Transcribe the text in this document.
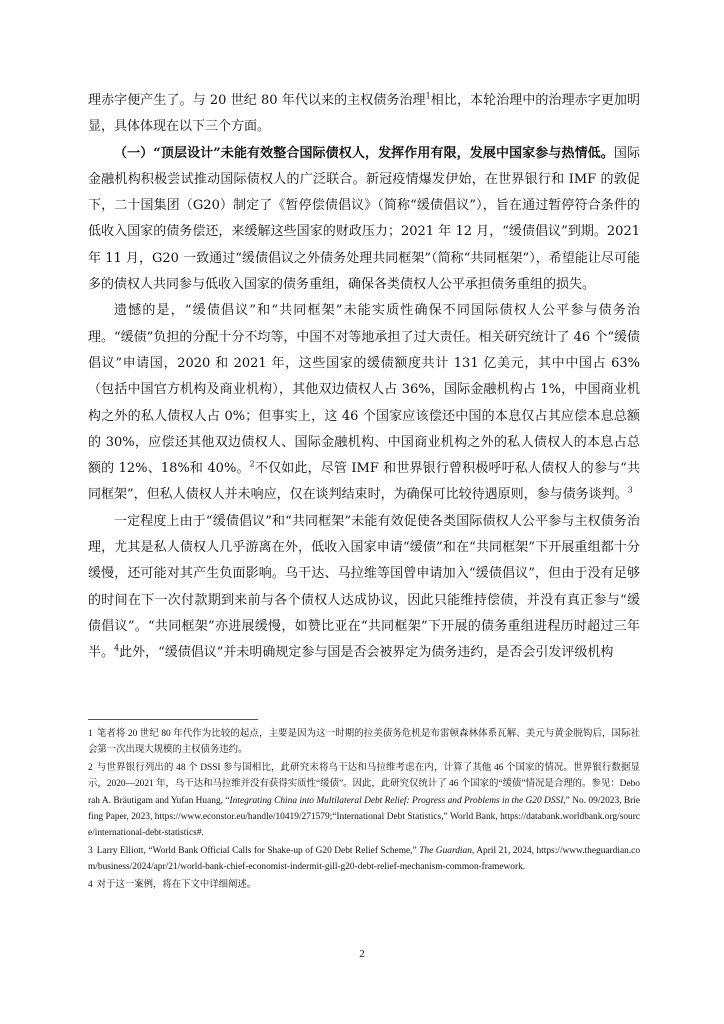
理赤字便产生了。与 20 世纪 80 年代以来的主权债务治理$^1$相比，本轮治理中的治理赤字更加明显，具体体现在以下三个方面。

（一）“顶层设计”未能有效整合国际债权人，发挥作用有限，发展中国家参与热情低。国际金融机构积极尝试推动国际债权人的广泛联合。新冠疫情爆发伊始，在世界银行和 IMF 的敦促下，二十国集团（G20）制定了《暂停偿债倡议》（简称“缓债倡议”），旨在通过暂停符合条件的低收入国家的债务偿还，来缓解这些国家的财政压力；2021 年 12 月，“缓债倡议”到期。2021 年 11 月，G20 一致通过“缓债倡议之外债务处理共同框架”（简称“共同框架”），希望能让尽可能多的债权人共同参与低收入国家的债务重组，确保各类债权人公平承担债务重组的损失。

遗憾的是，“缓债倡议”和“共同框架”未能实质性确保不同国际债权人公平参与债务治理。“缓债”负担的分配十分不均等，中国不对等地承担了过大责任。相关研究统计了 46 个“缓债倡议”申请国，2020 和 2021 年，这些国家的缓债额度共计 131 亿美元，其中中国占 63%（包括中国官方机构及商业机构），其他双边债权人占 36%，国际金融机构占 1%，中国商业机构之外的私人债权人占 0%；但事实上，这 46 个国家应该偿还中国的本息仅占其应偿本息总额的 30%，应偿还其他双边债权人、国际金融机构、中国商业机构之外的私人债权人的本息占总额的 12%、18%和 40%。$^2$不仅如此，尽管 IMF 和世界银行曾积极呼吁私人债权人的参与“共同框架”，但私人债权人并未响应，仅在谈判结束时，为确保可比较待遇原则，参与债务谈判。$^3$

一定程度上由于“缓债倡议”和“共同框架”未能有效促使各类国际债权人公平参与主权债务治理，尤其是私人债权人几乎游离在外，低收入国家申请“缓债”和在“共同框架”下开展重组都十分缓慢，还可能对其产生负面影响。乌干达、马拉维等国曾申请加入“缓债倡议”，但由于没有足够的时间在下一次付款期到来前与各个债权人达成协议，因此只能维持偿债，并没有真正参与“缓债倡议”。“共同框架”亦进展缓慢，如赞比亚在“共同框架”下开展的债务重组进程历时超过三年半。$^4$此外，“缓债倡议”并未明确规定参与国是否会被界定为债务违约，是否会引发评级机构

1 笔者将 20 世纪 80 年代作为比较的起点，主要是因为这一时期的拉美债务危机是布雷顿森林体系瓦解、美元与黄金脱钩后，国际社会第一次出现大规模的主权债务违约。

2 与世界银行列出的 48 个 DSSI 参与国相比，此研究未将乌干达和马拉维考虑在内，计算了其他 46 个国家的情况。世界银行数据显示，2020—2021 年，乌干达和马拉维并没有获得实质性“缓债”。因此，此研究仅统计了 46 个国家的“缓债”情况是合理的。参见：Deborah A. Bräutigam and Yufan Huang, “Integrating China into Multilateral Debt Relief: Progress and Problems in the G20 DSSI,” No. 09/2023, Briefing Paper, 2023, https://www.econstor.eu/handle/10419/271579;“International Debt Statistics,” World Bank, https://databank.worldbank.org/source/international-debt-statistics#.

3 Larry Elliott, “World Bank Official Calls for Shake-up of G20 Debt Relief Scheme,” The Guardian, April 21, 2024, https://www.theguardian.com/business/2024/apr/21/world-bank-chief-economist-indermit-gill-g20-debt-relief-mechanism-common-framework.

4 对于这一案例，将在下文中详细阐述。

2
